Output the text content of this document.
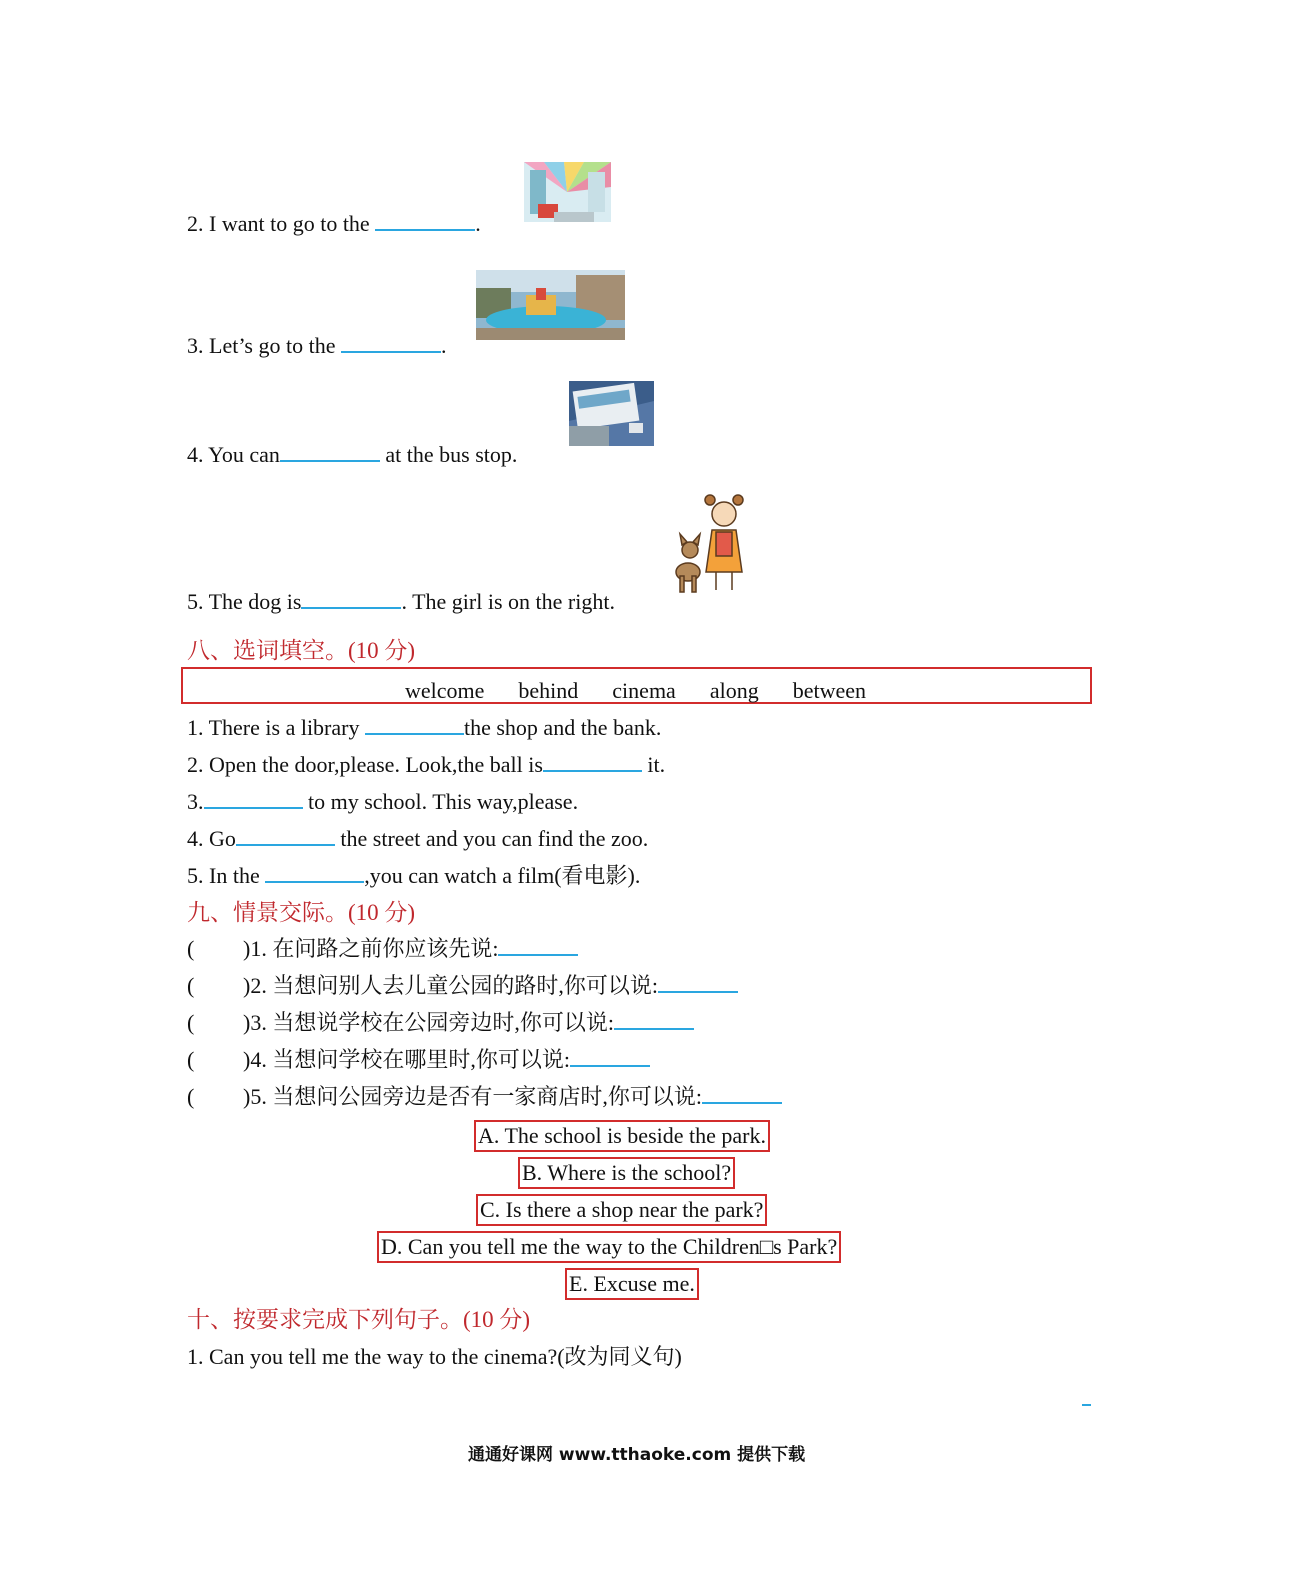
2. I want to go to the	.
3. Let’s go to the	.
4. You can	at the bus stop.
5. The dog is	. The girl is on the right.
八、选词填空。(10 分)
welcome behind cinema along between
1. There is a library	the shop and the bank.
2. Open the door,please. Look,the ball is	it.
3.	to my school. This way,please.
4. Go	the street and you can find the zoo.
5. In the	,you can watch a film(看电影).
九、情景交际。(10 分)
( )1. 在问路之前你应该先说:
( )2. 当想问别人去儿童公园的路时,你可以说:
( )3. 当想说学校在公园旁边时,你可以说:
( )4. 当想问学校在哪里时,你可以说:
( )5. 当想问公园旁边是否有一家商店时,你可以说:
A. The school is beside the park.
B. Where is the school?
C. Is there a shop near the park?
D. Can you tell me the way to the Children□s Park?
E. Excuse me.
十、按要求完成下列句子。(10 分)
1. Can you tell me the way to the cinema?(改为同义句)
通通好课网 www.tthaoke.com 提供下载
